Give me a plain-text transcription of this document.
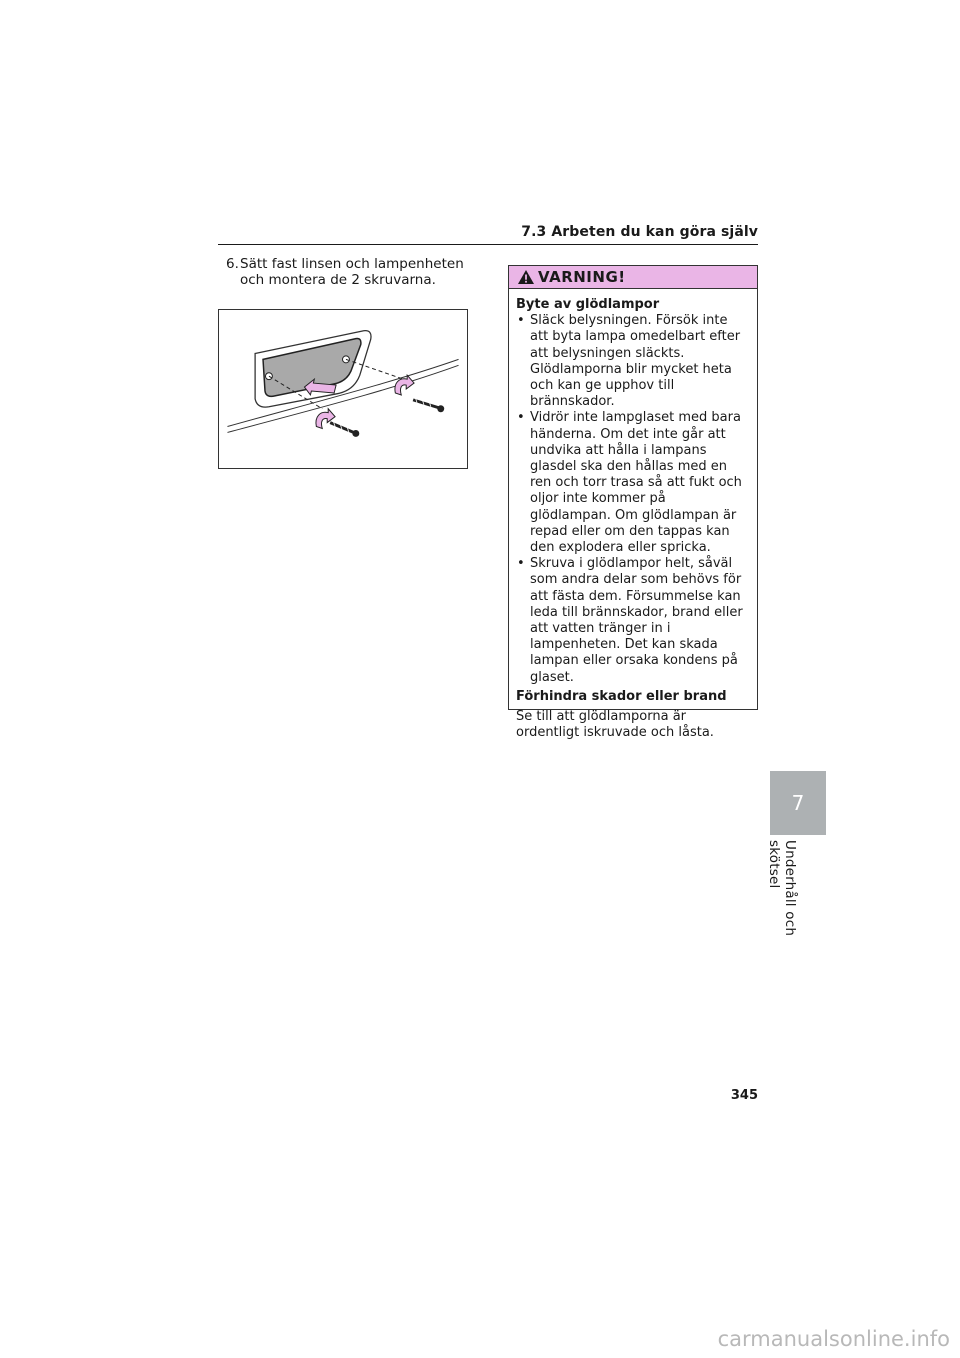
7.3 Arbeten du kan göra själv
6. Sätt fast linsen och lampenheten och montera de 2 skruvarna.	VARNING!
Byte av glödlampor
• Släck belysningen. Försök inte att byta lampa omedelbart efter att belysningen släckts. Glödlamporna blir mycket heta och kan ge upphov till brännskador.
• Vidrör inte lampglaset med bara händerna. Om det inte går att undvika att hålla i lampans glasdel ska den hållas med en ren och torr trasa så att fukt och oljor inte kommer på glödlampan. Om glödlampan är repad eller om den tappas kan den explodera eller spricka.
• Skruva i glödlampor helt, såväl som andra delar som behövs för att fästa dem. Försummelse kan leda till brännskador, brand eller att vatten tränger in i lampenheten. Det kan skada lampan eller orsaka kondens på glaset.
Förhindra skador eller brand

Se till att glödlamporna är ordentligt iskruvade och låsta.

7
Underhåll och skötsel
345
carmanualsonline.info
